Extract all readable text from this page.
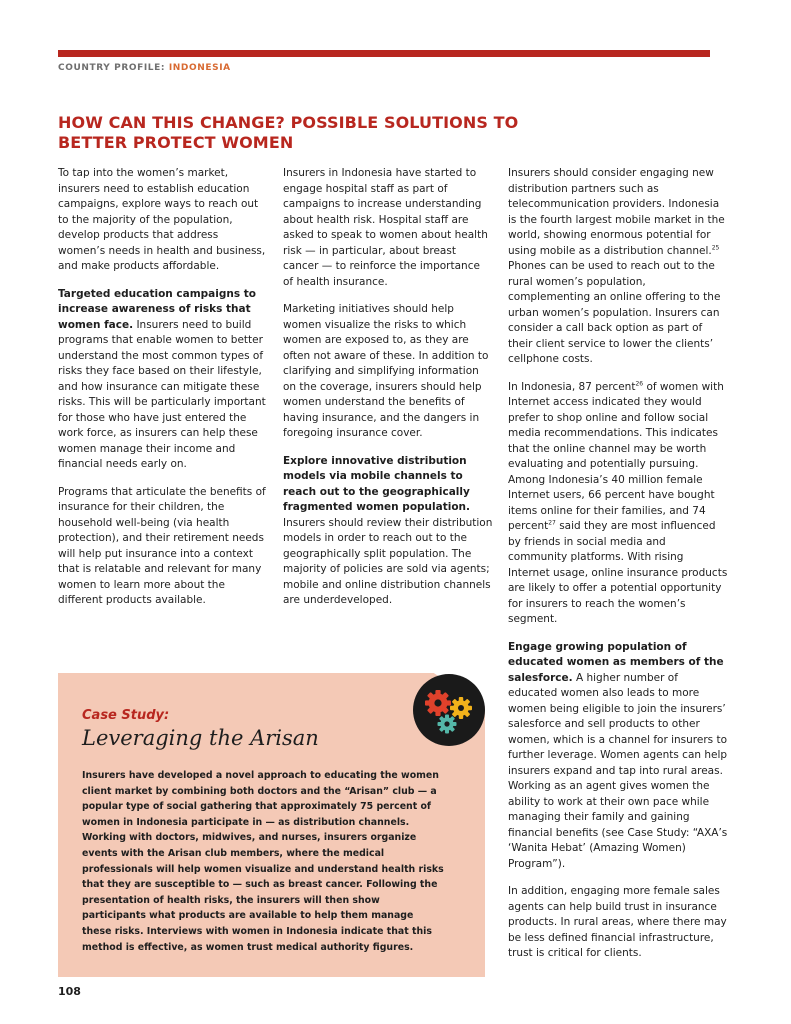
COUNTRY PROFILE: INDONESIA
HOW CAN THIS CHANGE? POSSIBLE SOLUTIONS TO BETTER PROTECT WOMEN

To tap into the women’s market, insurers need to establish education campaigns, explore ways to reach out to the majority of the population, develop products that address women’s needs in health and business, and make products affordable.

Targeted education campaigns to increase awareness of risks that women face. Insurers need to build programs that enable women to better understand the most common types of risks they face based on their lifestyle, and how insurance can mitigate these risks. This will be particularly important for those who have just entered the work force, as insurers can help these women manage their income and financial needs early on.

Programs that articulate the benefits of insurance for their children, the household well-being (via health protection), and their retirement needs will help put insurance into a context that is relatable and relevant for many women to learn more about the different products available.

Insurers in Indonesia have started to engage hospital staff as part of campaigns to increase understanding about health risk. Hospital staff are asked to speak to women about health risk — in particular, about breast cancer — to reinforce the importance of health insurance.

Marketing initiatives should help women visualize the risks to which women are exposed to, as they are often not aware of these. In addition to clarifying and simplifying information on the coverage, insurers should help women understand the benefits of having insurance, and the dangers in foregoing insurance cover.

Explore innovative distribution models via mobile channels to reach out to the geographically fragmented women population. Insurers should review their distribution models in order to reach out to the geographically split population. The majority of policies are sold via agents; mobile and online distribution channels are underdeveloped.

Insurers should consider engaging new distribution partners such as telecommunication providers. Indonesia is the fourth largest mobile market in the world, showing enormous potential for using mobile as a distribution channel.$^{25}$ Phones can be used to reach out to the rural women’s population, complementing an online offering to the urban women’s population. Insurers can consider a call back option as part of their client service to lower the clients’ cellphone costs.

In Indonesia, 87 percent$^{26}$ of women with Internet access indicated they would prefer to shop online and follow social media recommendations. This indicates that the online channel may be worth evaluating and potentially pursuing. Among Indonesia’s 40 million female Internet users, 66 percent have bought items online for their families, and 74 percent$^{27}$ said they are most influenced by friends in social media and community platforms. With rising Internet usage, online insurance products are likely to offer a potential opportunity for insurers to reach the women’s segment.

Engage growing population of educated women as members of the salesforce. A higher number of educated women also leads to more women being eligible to join the insurers’ salesforce and sell products to other women, which is a channel for insurers to further leverage. Women agents can help insurers expand and tap into rural areas. Working as an agent gives women the ability to work at their own pace while managing their family and gaining financial benefits (see Case Study: “AXA’s ‘Wanita Hebat’ (Amazing Women) Program”).

In addition, engaging more female sales agents can help build trust in insurance products. In rural areas, where there may be less defined financial infrastructure, trust is critical for clients.

Case Study:
Leveraging the Arisan

Insurers have developed a novel approach to educating the women client market by combining both doctors and the “Arisan” club — a popular type of social gathering that approximately 75 percent of women in Indonesia participate in — as distribution channels. Working with doctors, midwives, and nurses, insurers organize events with the Arisan club members, where the medical professionals will help women visualize and understand health risks that they are susceptible to — such as breast cancer. Following the presentation of health risks, the insurers will then show participants what products are available to help them manage these risks. Interviews with women in Indonesia indicate that this method is effective, as women trust medical authority figures.

108
